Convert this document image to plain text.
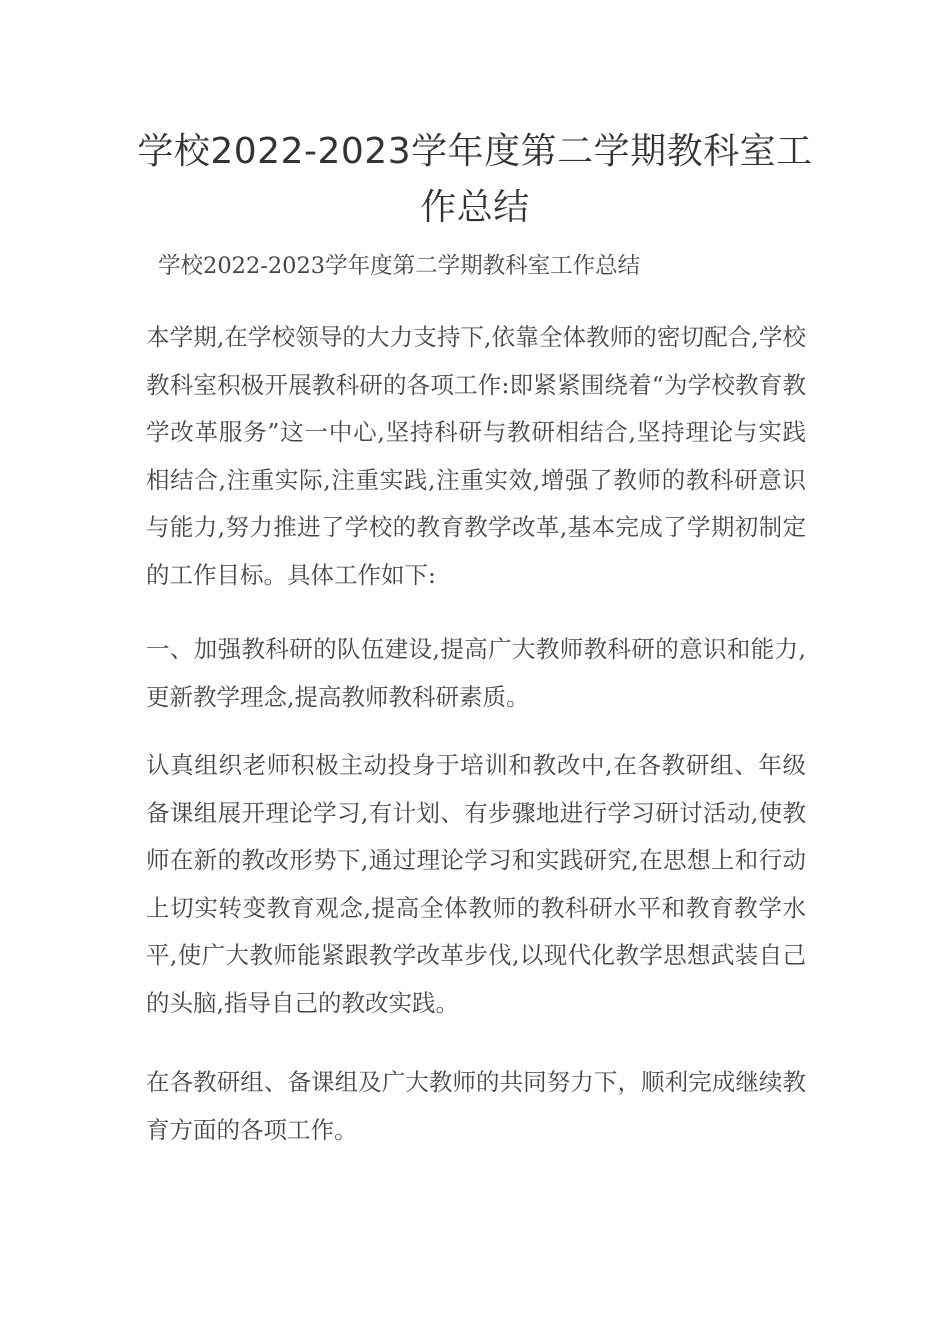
学校2022-2023学年度第二学期教科室工作总结

学校2022-2023学年度第二学期教科室工作总结

本学期,在学校领导的大力支持下,依靠全体教师的密切配合,学校教科室积极开展教科研的各项工作:即紧紧围绕着“为学校教育教学改革服务”这一中心,坚持科研与教研相结合,坚持理论与实践相结合,注重实际,注重实践,注重实效,增强了教师的教科研意识与能力,努力推进了学校的教育教学改革,基本完成了学期初制定的工作目标。具体工作如下:

一、加强教科研的队伍建设,提高广大教师教科研的意识和能力,更新教学理念,提高教师教科研素质。

认真组织老师积极主动投身于培训和教改中,在各教研组、年级备课组展开理论学习,有计划、有步骤地进行学习研讨活动,使教师在新的教改形势下,通过理论学习和实践研究,在思想上和行动上切实转变教育观念,提高全体教师的教科研水平和教育教学水平,使广大教师能紧跟教学改革步伐,以现代化教学思想武装自己的头脑,指导自己的教改实践。

在各教研组、备课组及广大教师的共同努力下，顺利完成继续教育方面的各项工作。
